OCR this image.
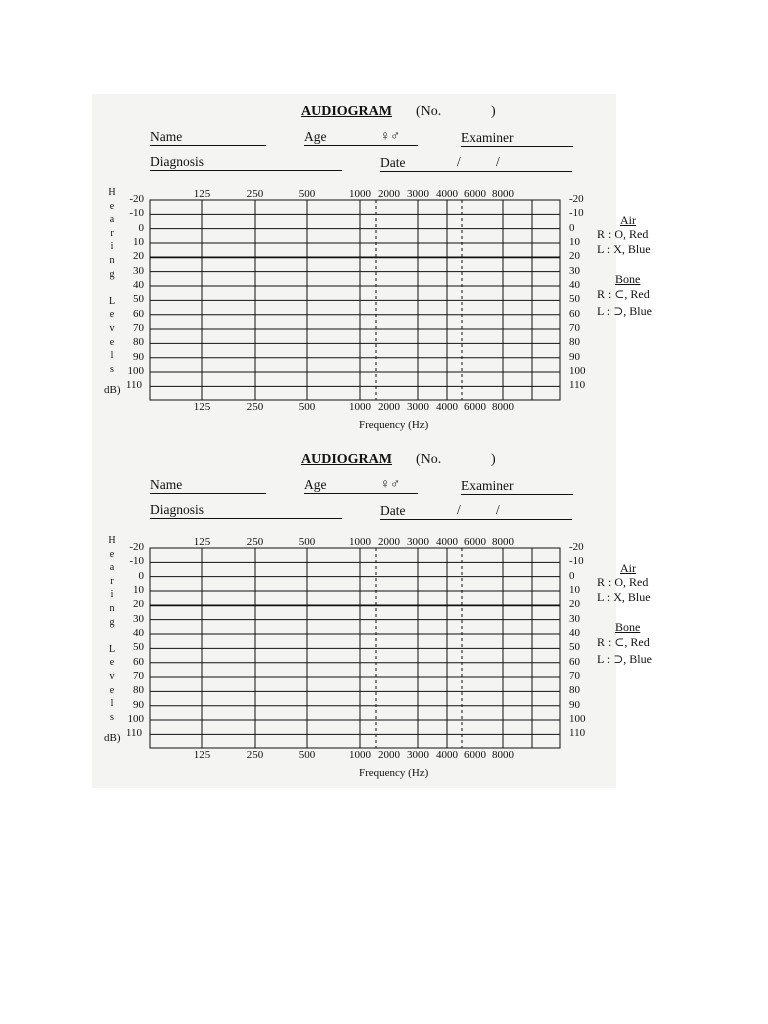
AUDIOGRAM (No.	)
Name	Age	♀♂	Examiner
Diagnosis	Date	/	/
H
e
a
r
i
n
g
L
e
v
e
l
s
dB)
-20
-10
0
10
20
30
40
50
60
70
80
90
100
110
-20
-10
0
10
20
30
40
50
60
70
80
90
100
110
125	250	500	1000 2000 3000 4000 6000 8000
125	250	500	1000 2000 3000 4000 6000 8000
Frequency (Hz)
Air
R : O, Red
L : X, Blue
Bone
R : ⊂, Red
L : ⊃, Blue
AUDIOGRAM (No.	)
Name	Age	♀♂	Examiner
Diagnosis	Date	/	/
H
e
a
r
i
n
g
L
e
v
e
l
s
dB)
-20
-10
0
10
20
30
40
50
60
70
80
90
100
110
-20
-10
0
10
20
30
40
50
60
70
80
90
100
110
125	250	500	1000 2000 3000 4000 6000 8000
125	250	500	1000 2000 3000 4000 6000 8000
Frequency (Hz)
Air
R : O, Red
L : X, Blue
Bone
R : ⊂, Red
L : ⊃, Blue
